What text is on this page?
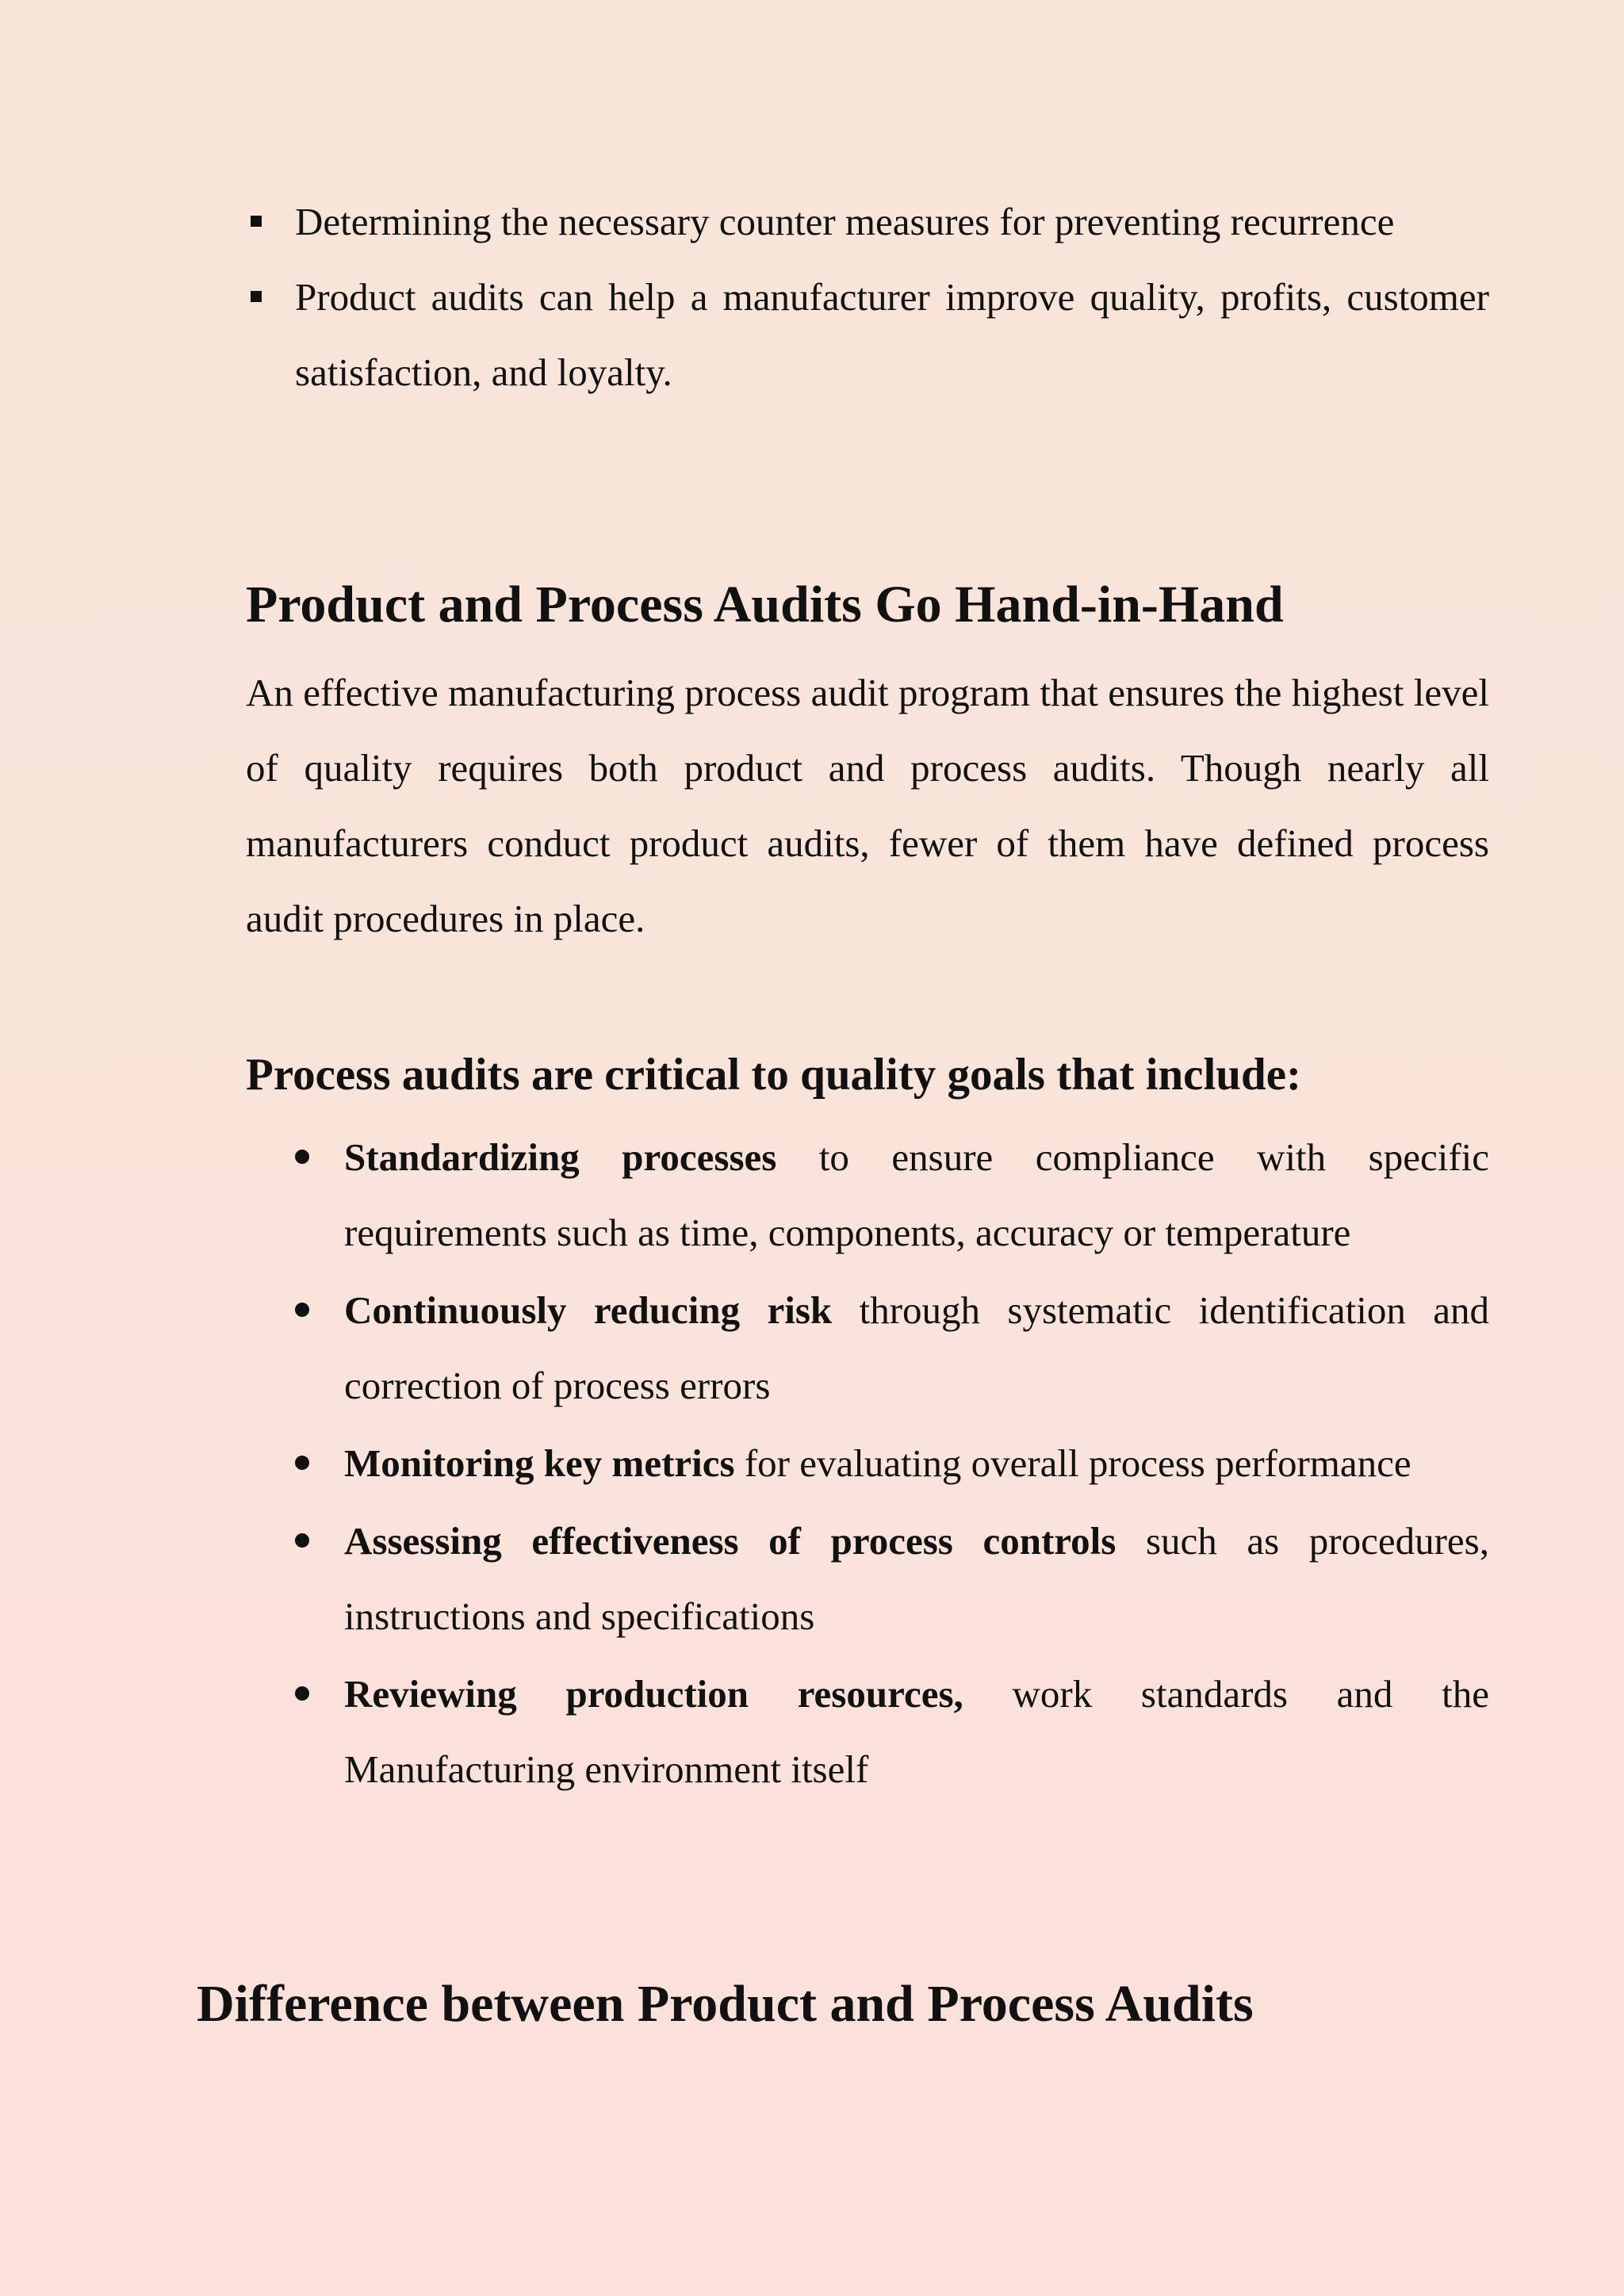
Determining the necessary counter measures for preventing recurrence

Product audits can help a manufacturer improve quality, profits, customer satisfaction, and loyalty.

Product and Process Audits Go Hand-in-Hand

An effective manufacturing process audit program that ensures the highest level of quality requires both product and process audits. Though nearly all manufacturers conduct product audits, fewer of them have defined process audit procedures in place.

Process audits are critical to quality goals that include:

Standardizing processes to ensure compliance with specific requirements such as time, components, accuracy or temperature

Continuously reducing risk through systematic identification and correction of process errors

Monitoring key metrics for evaluating overall process performance

Assessing effectiveness of process controls such as procedures, instructions and specifications

Reviewing production resources, work standards and the Manufacturing environment itself

Difference between Product and Process Audits
